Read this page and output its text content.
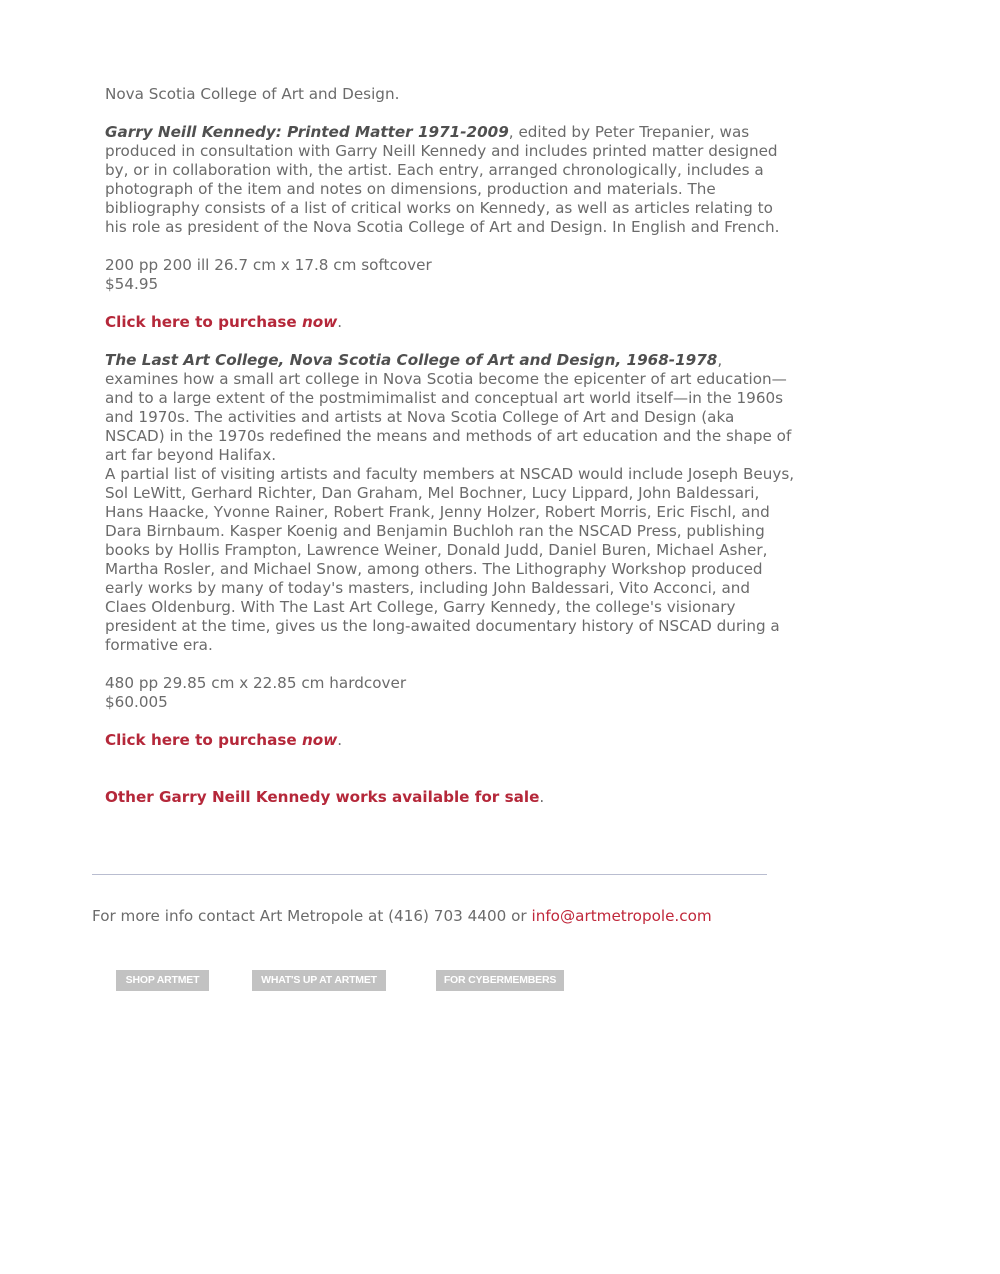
Nova Scotia College of Art and Design.

Garry Neill Kennedy: Printed Matter 1971-2009, edited by Peter Trepanier, was produced in consultation with Garry Neill Kennedy and includes printed matter designed by, or in collaboration with, the artist. Each entry, arranged chronologically, includes a photograph of the item and notes on dimensions, production and materials. The bibliography consists of a list of critical works on Kennedy, as well as articles relating to his role as president of the Nova Scotia College of Art and Design. In English and French.

200 pp 200 ill 26.7 cm x 17.8 cm softcover

$54.95

Click here to purchase now.

The Last Art College, Nova Scotia College of Art and Design, 1968-1978, examines how a small art college in Nova Scotia become the epicenter of art education—and to a large extent of the postmimimalist and conceptual art world itself—in the 1960s and 1970s. The activities and artists at Nova Scotia College of Art and Design (aka NSCAD) in the 1970s redefined the means and methods of art education and the shape of art far beyond Halifax.

A partial list of visiting artists and faculty members at NSCAD would include Joseph Beuys, Sol LeWitt, Gerhard Richter, Dan Graham, Mel Bochner, Lucy Lippard, John Baldessari, Hans Haacke, Yvonne Rainer, Robert Frank, Jenny Holzer, Robert Morris, Eric Fischl, and Dara Birnbaum. Kasper Koenig and Benjamin Buchloh ran the NSCAD Press, publishing books by Hollis Frampton, Lawrence Weiner, Donald Judd, Daniel Buren, Michael Asher, Martha Rosler, and Michael Snow, among others. The Lithography Workshop produced early works by many of today's masters, including John Baldessari, Vito Acconci, and Claes Oldenburg. With The Last Art College, Garry Kennedy, the college's visionary president at the time, gives us the long-awaited documentary history of NSCAD during a formative era.

480 pp 29.85 cm x 22.85 cm hardcover

$60.005

Click here to purchase now.

Other Garry Neill Kennedy works available for sale.

For more info contact Art Metropole at (416) 703 4400 or info@artmetropole.com

SHOP ARTMET	WHAT'S UP AT ARTMET	FOR CYBERMEMBERS
